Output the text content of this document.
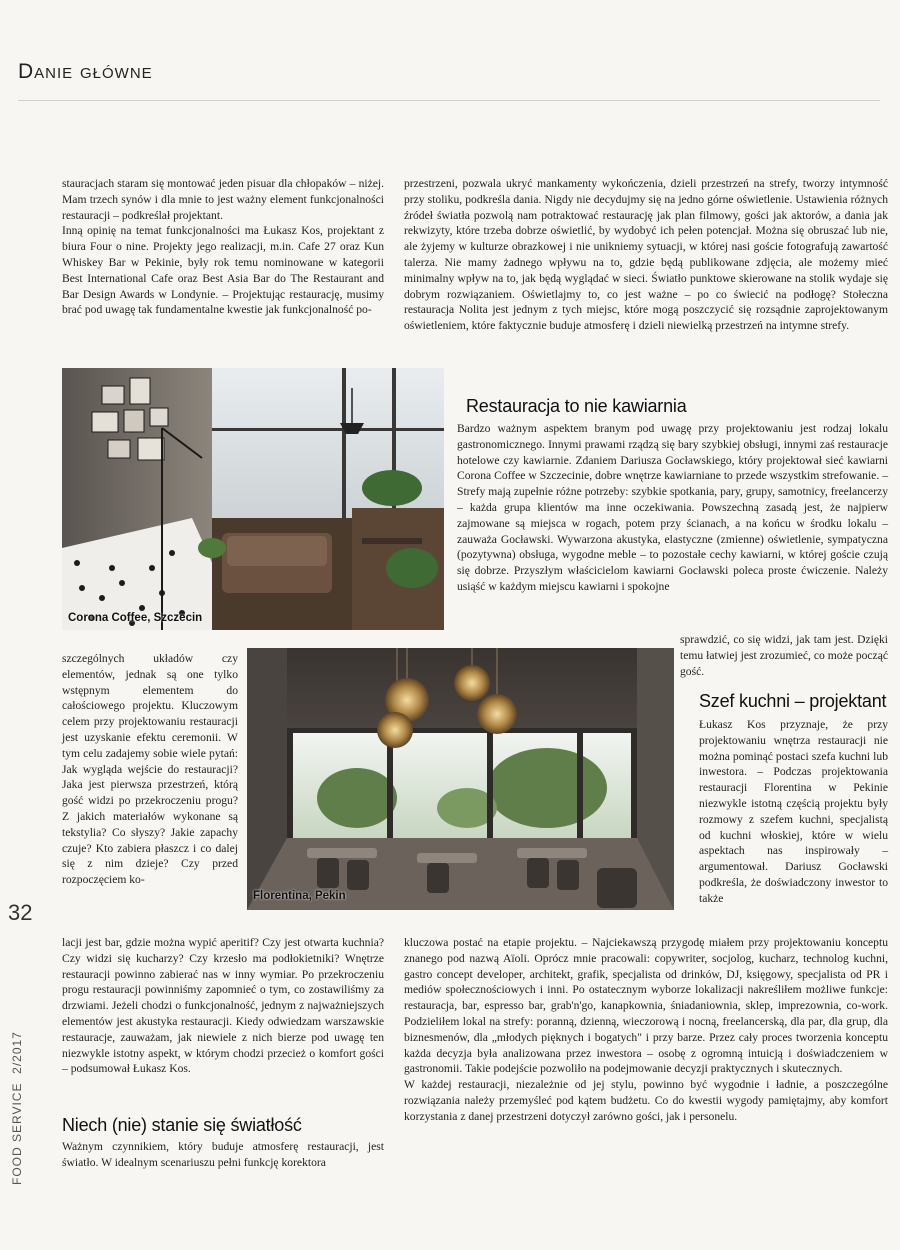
Danie główne
32
FOOD SERVICE  2/2017

stauracjach staram się montować jeden pisuar dla chłopaków – niżej. Mam trzech synów i dla mnie to jest ważny element funkcjonalności restauracji – podkreślał projektant.

Inną opinię na temat funkcjonalności ma Łukasz Kos, projektant z biura Four o nine. Projekty jego realizacji, m.in. Cafe 27 oraz Kun Whiskey Bar w Pekinie, były rok temu nominowane w kategorii Best International Cafe oraz Best Asia Bar do The Restaurant and Bar Design Awards w Londynie. – Projektując restaurację, musimy brać pod uwagę tak fundamentalne kwestie jak funkcjonalność po-

przestrzeni, pozwala ukryć mankamenty wykończenia, dzieli przestrzeń na strefy, tworzy intymność przy stoliku, podkreśla dania. Nigdy nie decydujmy się na jedno górne oświetlenie. Ustawienia różnych źródeł światła pozwolą nam potraktować restaurację jak plan filmowy, gości jak aktorów, a dania jak rekwizyty, które trzeba dobrze oświetlić, by wydobyć ich pełen potencjał. Można się obruszać lub nie, ale żyjemy w kulturze obrazkowej i nie unikniemy sytuacji, w której nasi goście fotografują zawartość talerza. Nie mamy żadnego wpływu na to, gdzie będą publikowane zdjęcia, ale możemy mieć minimalny wpływ na to, jak będą wyglądać w sieci. Światło punktowe skierowane na stolik wydaje się dobrym rozwiązaniem. Oświetlajmy to, co jest ważne – po co świecić na podłogę? Stołeczna restauracja Nolita jest jednym z tych miejsc, które mogą poszczycić się rozsądnie zaprojektowanym oświetleniem, które faktycznie buduje atmosferę i dzieli niewielką przestrzeń na intymne strefy.

Restauracja to nie kawiarnia

Bardzo ważnym aspektem branym pod uwagę przy projektowaniu jest rodzaj lokalu gastronomicznego. Innymi prawami rządzą się bary szybkiej obsługi, innymi zaś restauracje hotelowe czy kawiarnie. Zdaniem Dariusza Gocławskiego, który projektował sieć kawiarni Corona Coffee w Szczecinie, dobre wnętrze kawiarniane to przede wszystkim strefowanie. – Strefy mają zupełnie różne potrzeby: szybkie spotkania, pary, grupy, samotnicy, freelancerzy – każda grupa klientów ma inne oczekiwania. Powszechną zasadą jest, że najpierw zajmowane są miejsca w rogach, potem przy ścianach, a na końcu w środku lokalu – zauważa Gocławski. Wywarzona akustyka, elastyczne (zmienne) oświetlenie, sympatyczna (pozytywna) obsługa, wygodne meble – to pozostałe cechy kawiarni, w której goście czują się dobrze. Przyszłym właścicielom kawiarni Gocławski poleca proste ćwiczenie. Należy usiąść w każdym miejscu kawiarni i spokojne

sprawdzić, co się widzi, jak tam jest. Dzięki temu łatwiej jest zrozumieć, co może począć gość.

Corona Coffee, Szczecin
Florentina, Pekin

szczególnych układów czy elementów, jednak są one tylko wstępnym elementem do całościowego projektu. Kluczowym celem przy projektowaniu restauracji jest uzyskanie efektu ceremonii. W tym celu zadajemy sobie wiele pytań: Jak wygląda wejście do restauracji? Jaka jest pierwsza przestrzeń, którą gość widzi po przekroczeniu progu? Z jakich materiałów wykonane są tekstylia? Co słyszy? Jakie zapachy czuje? Kto zabiera płaszcz i co dalej się z nim dzieje? Czy przed rozpoczęciem ko-

Szef kuchni – projektant

Łukasz Kos przyznaje, że przy projektowaniu wnętrza restauracji nie można pominąć postaci szefa kuchni lub inwestora. – Podczas projektowania restauracji Florentina w Pekinie niezwykle istotną częścią projektu były rozmowy z szefem kuchni, specjalistą od kuchni włoskiej, które w wielu aspektach nas inspirowały – argumentował. Dariusz Gocławski podkreśla, że doświadczony inwestor to także

lacji jest bar, gdzie można wypić aperitif? Czy jest otwarta kuchnia? Czy widzi się kucharzy? Czy krzesło ma podłokietniki? Wnętrze restauracji powinno zabierać nas w inny wymiar. Po przekroczeniu progu restauracji powinniśmy zapomnieć o tym, co zostawiliśmy za drzwiami. Jeżeli chodzi o funkcjonalność, jednym z najważniejszych elementów jest akustyka restauracji. Kiedy odwiedzam warszawskie restauracje, zauważam, jak niewiele z nich bierze pod uwagę ten niezwykle istotny aspekt, w którym chodzi przecież o komfort gości – podsumował Łukasz Kos.

Niech (nie) stanie się światłość

Ważnym czynnikiem, który buduje atmosferę restauracji, jest światło. W idealnym scenariuszu pełni funkcję korektora

kluczowa postać na etapie projektu. – Najciekawszą przygodę miałem przy projektowaniu konceptu znanego pod nazwą Aïoli. Oprócz mnie pracowali: copywriter, socjolog, kucharz, technolog kuchni, gastro concept developer, architekt, grafik, specjalista od drinków, DJ, księgowy, specjalista od PR i mediów społecznościowych i inni. Po ostatecznym wyborze lokalizacji nakreśliłem możliwe funkcje: restauracja, bar, espresso bar, grab'n'go, kanapkownia, śniadaniownia, sklep, imprezownia, co-work. Podzieliłem lokal na strefy: poranną, dzienną, wieczorową i nocną, freelancerską, dla par, dla grup, dla biznesmenów, dla „młodych pięknych i bogatych" i przy barze. Przez cały proces tworzenia konceptu każda decyzja była analizowana przez inwestora – osobę z ogromną intuicją i doświadczeniem w gastronomii. Takie podejście pozwoliło na podejmowanie decyzji praktycznych i skutecznych.

W każdej restauracji, niezależnie od jej stylu, powinno być wygodnie i ładnie, a poszczególne rozwiązania należy przemyśleć pod kątem budżetu. Co do kwestii wygody pamiętajmy, aby komfort korzystania z danej przestrzeni dotyczył zarówno gości, jak i personelu.
